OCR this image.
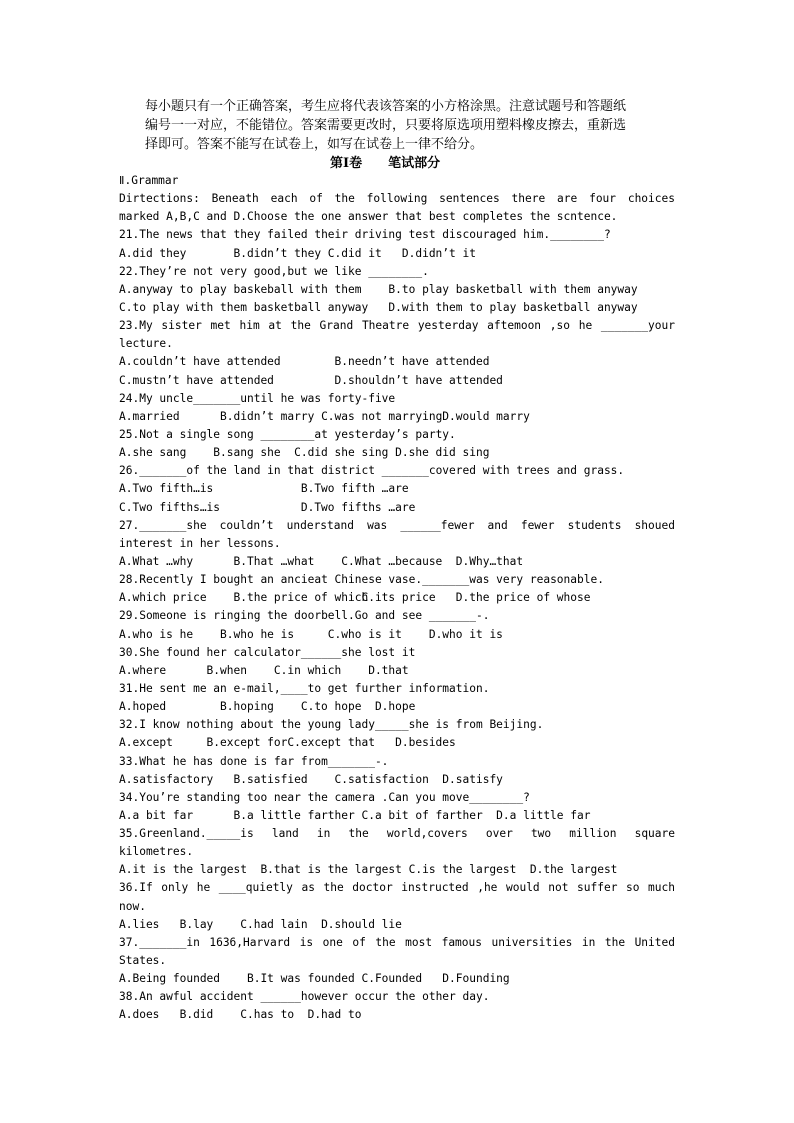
每小题只有一个正确答案，考生应将代表该答案的小方格涂黑。注意试题号和答题纸
编号一一对应，不能错位。答案需要更改时，只要将原选项用塑料橡皮擦去，重新选
择即可。答案不能写在试卷上，如写在试卷上一律不给分。
第Ⅰ卷 笔试部分
Ⅱ.Grammar
Dirtections: Beneath each of the following sentences there are four choices
marked A,B,C and D.Choose the one answer that best completes the scntence.
21.The news that they failed their driving test discouraged him.________?
A.did they	B.didn’t they C.did it D.didn’t it
22.They’re not very good,but we like ________.
A.anyway to play baskeball with them B.to play basketball with them anyway
C.to play with them basketball anyway D.with them to play basketball anyway
23.My sister met him at the Grand Theatre yesterday aftemoon ,so he _______your
lecture.
A.couldn’t have attended	B.needn’t have attended
C.mustn’t have attended	D.shouldn’t have attended
24.My uncle_______until he was forty-five
A.married	B.didn’t marry C.was not marrying D.would marry
25.Not a single song ________at yesterday’s party.
A.she sang B.sang she C.did she sing D.she did sing
26._______of the land in that district _______covered with trees and grass.
A.Two fifth…is	B.Two fifth …are
C.Two fifths…is	D.Two fifths …are
27._______she couldn’t understand was ______fewer and fewer students shoued
interest in her lessons.
A.What …why	B.That …what C.What …because D.Why…that
28.Recently I bought an ancieat Chinese vase._______was very reasonable.
A.which price B.the price of which
C.its price D.the price of whose
29.Someone is ringing the doorbell.Go and see _______-.
A.who is he B.who he is	C.who is it D.who it is
30.She found her calculator______she lost it
A.where	B.when C.in which D.that
31.He sent me an e-mail,____to get further information.
A.hoped	B.hoping C.to hope D.hope
32.I know nothing about the young lady_____she is from Beijing.
A.except	B.except for C.except that D.besides
33.What he has done is far from_______-.
A.satisfactory B.satisfied C.satisfaction D.satisfy
34.You’re standing too near the camera .Can you move________?
A.a bit far	B.a little farther C.a bit of farther D.a little far
35.Greenland._____is land in the world,covers over two million square
kilometres.
A.it is the largest B.that is the largest C.is the largest D.the largest
36.If only he ____quietly as the doctor instructed ,he would not suffer so much
now.
A.lies B.lay C.had lain D.should lie
37._______in 1636,Harvard is one of the most famous universities in the United
States.
A.Being founded B.It was founded C.Founded D.Founding
38.An awful accident ______however occur the other day.
A.does B.did C.has to D.had to
